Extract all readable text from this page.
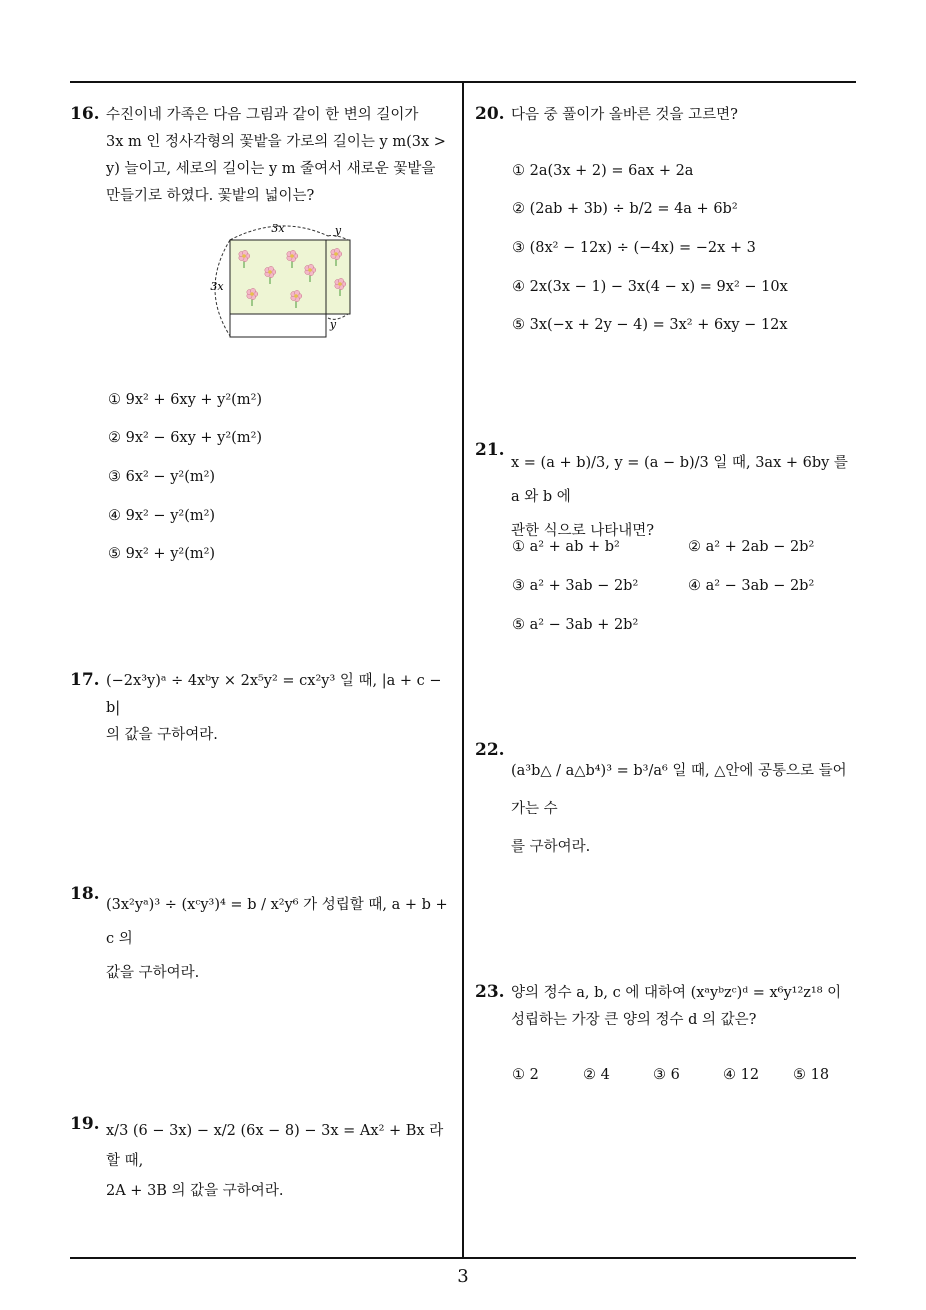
16. 수진이네 가족은 다음 그림과 같이 한 변의 길이가
3x m 인 정사각형의 꽃밭을 가로의 길이는 y m(3x >
y) 늘이고, 세로의 길이는 y m 줄여서 새로운 꽃밭을
만들기로 하였다. 꽃밭의 넓이는?
3x	y
3x
y
① 9x² + 6xy + y²(m²)
② 9x² − 6xy + y²(m²)
③ 6x² − y²(m²)
④ 9x² − y²(m²)
⑤ 9x² + y²(m²)
17. (−2x³y)ᵃ ÷ 4xᵇy × 2x⁵y² = cx²y³ 일 때, |a + c − b|
의 값을 구하여라.
18.
(3x²yᵃ)³ ÷ (xᶜy³)⁴ = b / x²y⁶ 가 성립할 때, a + b + c 의
값을 구하여라.
19. x/3 (6 − 3x) − x/2 (6x − 8) − 3x = Ax² + Bx 라 할 때,
2A + 3B 의 값을 구하여라.
20. 다음 중 풀이가 올바른 것을 고르면?
① 2a(3x + 2) = 6ax + 2a
② (2ab + 3b) ÷ b/2 = 4a + 6b²
③ (8x² − 12x) ÷ (−4x) = −2x + 3
④ 2x(3x − 1) − 3x(4 − x) = 9x² − 10x
⑤ 3x(−x + 2y − 4) = 3x² + 6xy − 12x
21.
x = (a + b)/3, y = (a − b)/3 일 때, 3ax + 6by 를 a 와 b 에
관한 식으로 나타내면?
① a² + ab + b²	② a² + 2ab − 2b²
③ a² + 3ab − 2b²	④ a² − 3ab − 2b²
⑤ a² − 3ab + 2b²
22.
(a³b△ / a△b⁴)³ = b³/a⁶ 일 때, △안에 공통으로 들어가는 수
를 구하여라.
23. 양의 정수 a, b, c 에 대하여 (xᵃyᵇzᶜ)ᵈ = x⁶y¹²z¹⁸ 이
성립하는 가장 큰 양의 정수 d 의 값은?
① 2	② 4	③ 6	④ 12 ⑤ 18
3
